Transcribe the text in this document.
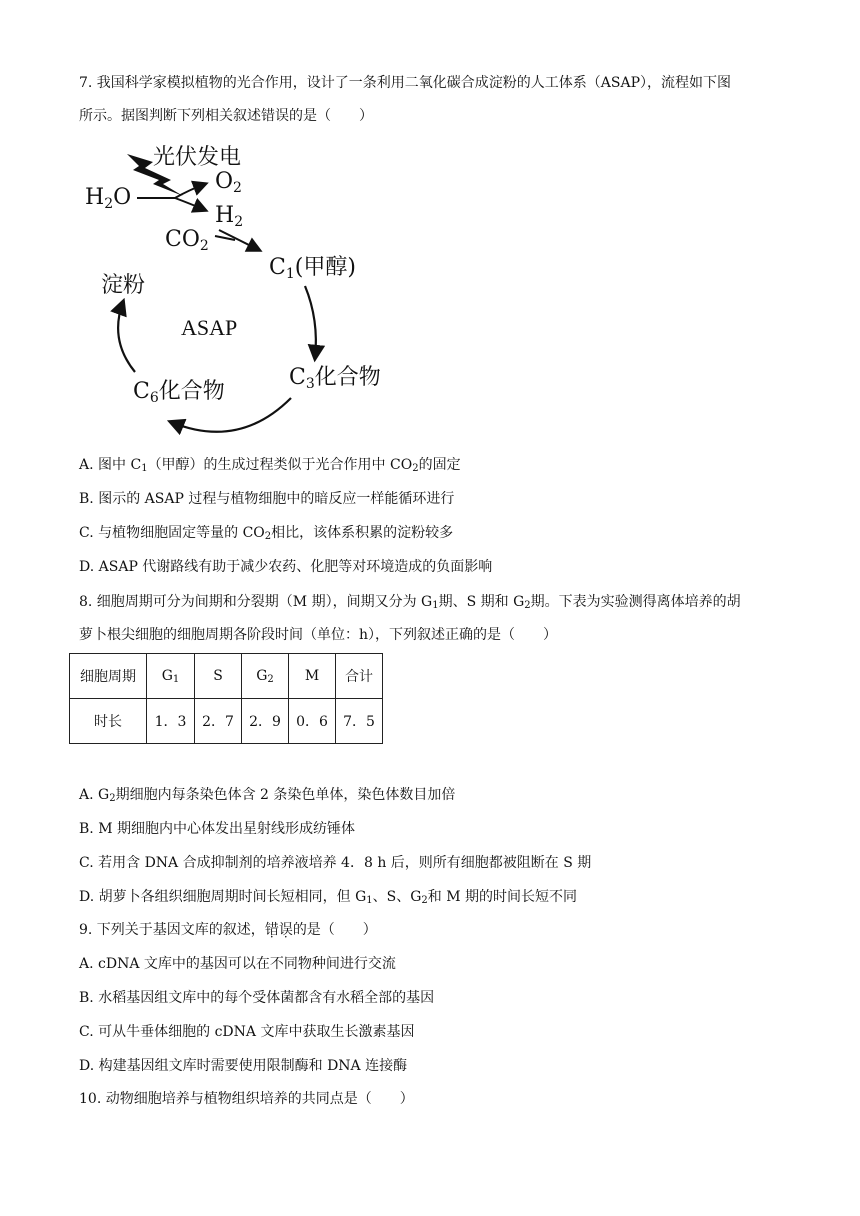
7. 我国科学家模拟植物的光合作用，设计了一条利用二氧化碳合成淀粉的人工体系（ASAP），流程如下图
所示。据图判断下列相关叙述错误的是（　　）
光伏发电
$H_2O$
$O_2$
$H_2$
$CO_2$
$C_1$(甲醇)
淀粉
ASAP
$C_3$化合物
$C_6$化合物
A. 图中 $C_1$（甲醇）的生成过程类似于光合作用中 $CO_2$的固定
B. 图示的 ASAP 过程与植物细胞中的暗反应一样能循环进行
C. 与植物细胞固定等量的 $CO_2$相比，该体系积累的淀粉较多
D. ASAP 代谢路线有助于减少农药、化肥等对环境造成的负面影响
8. 细胞周期可分为间期和分裂期（M 期），间期又分为 $G_1$期、S 期和 $G_2$期。下表为实验测得离体培养的胡
萝卜根尖细胞的细胞周期各阶段时间（单位：h），下列叙述正确的是（　　）
细胞周期	$G_1$	S	$G_2$	M	合计
时长	1．3	2．7	2．9	0．6	7．5
A. $G_2$期细胞内每条染色体含 2 条染色单体，染色体数目加倍
B. M 期细胞内中心体发出星射线形成纺锤体
C. 若用含 DNA 合成抑制剂的培养液培养 4．8 h 后，则所有细胞都被阻断在 S 期
D. 胡萝卜各组织细胞周期时间长短相同，但 $G_1$、S、$G_2$和 M 期的时间长短不同
9. 下列关于基因文库的叙述，错误的是（　　）
A. cDNA 文库中的基因可以在不同物种间进行交流
B. 水稻基因组文库中的每个受体菌都含有水稻全部的基因
C. 可从牛垂体细胞的 cDNA 文库中获取生长激素基因
D. 构建基因组文库时需要使用限制酶和 DNA 连接酶
10. 动物细胞培养与植物组织培养的共同点是（　　）
